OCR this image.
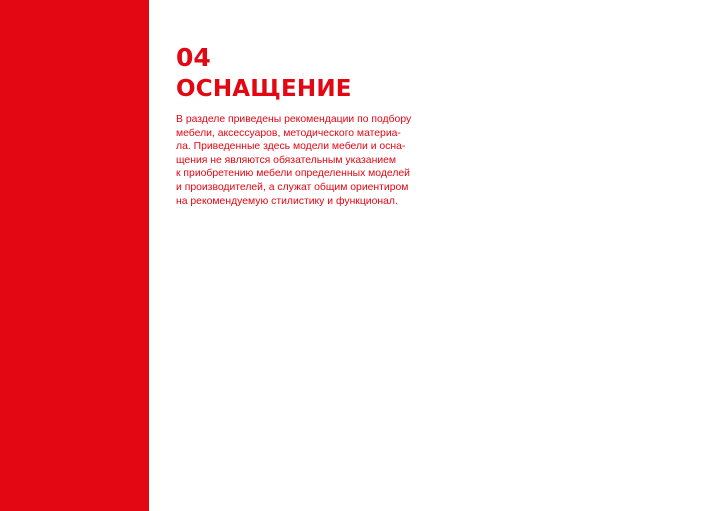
04
ОСНАЩЕНИЕ
В разделе приведены рекомендации по подбору
мебели, аксессуаров, методического материа-
ла. Приведенные здесь модели мебели и осна-
щения не являются обязательным указанием
к приобретению мебели определенных моделей
и производителей, а служат общим ориентиром
на рекомендуемую стилистику и функционал.
